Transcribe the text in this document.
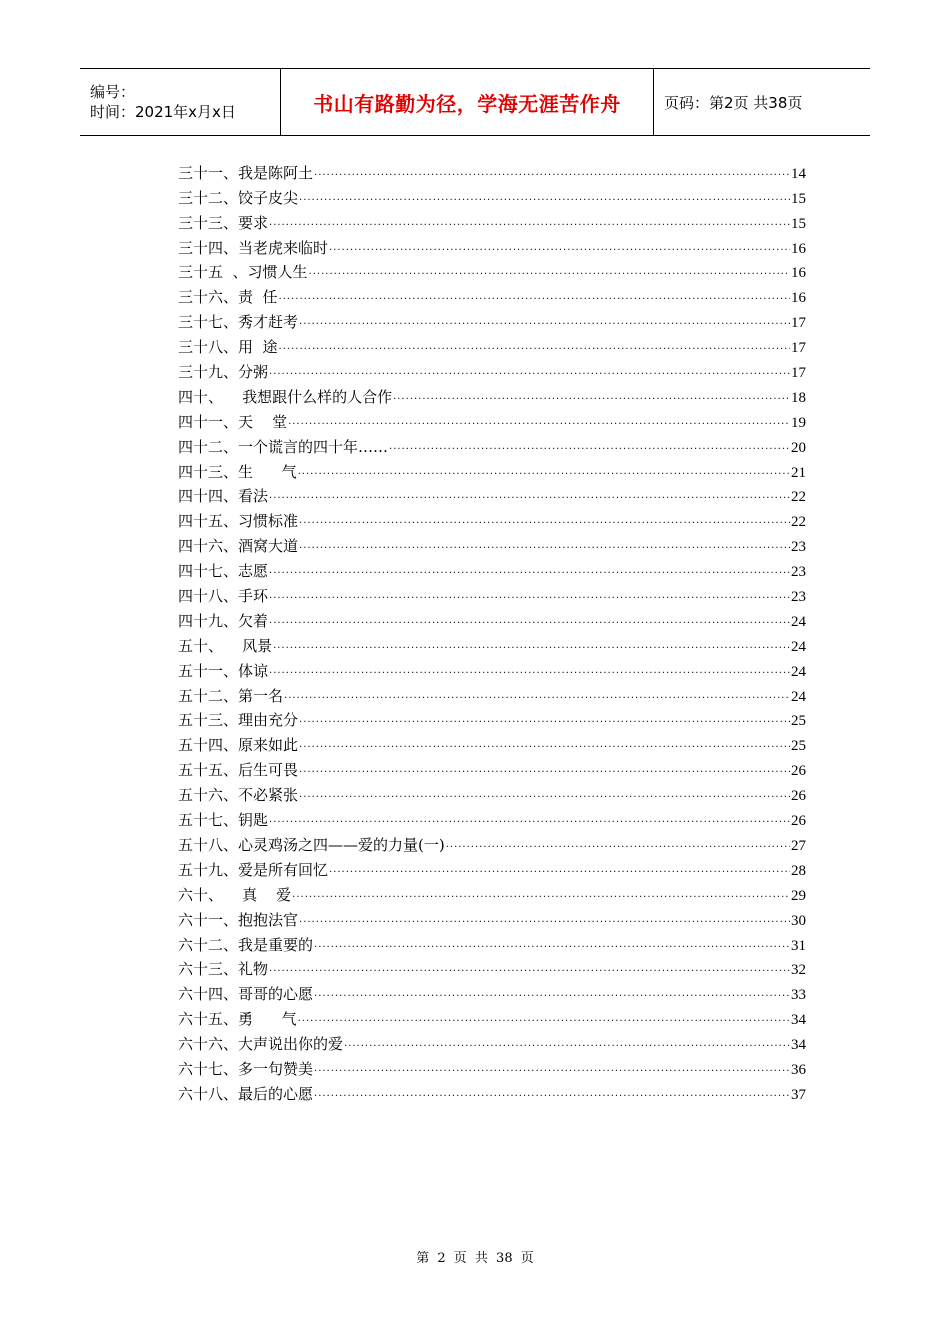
编号：
时间：2021年x月x日	书山有路勤为径，学海无涯苦作舟	页码：第2页 共38页
三十一、我是陈阿土 .....	14
三十二、饺子皮尖 .....	15
三十三、要求 .....	15
三十四、当老虎来临时 .....	16
三十五  、习惯人生 .....	16
三十六、责  任 .....	16
三十七、秀才赶考 .....	17
三十八、用  途 .....	17
三十九、分粥 .....	17
四十、    我想跟什么样的人合作 .....	18
四十一、天    堂 .....	19
四十二、一个谎言的四十年…… .....	20
四十三、生      气 .....	21
四十四、看法 .....	22
四十五、习惯标准 .....	22
四十六、酒窝大道 .....	23
四十七、志愿 .....	23
四十八、手环 .....	23
四十九、欠着 .....	24
五十、    风景 .....	24
五十一、体谅 .....	24
五十二、第一名 .....	24
五十三、理由充分 .....	25
五十四、原来如此 .....	25
五十五、后生可畏 .....	26
五十六、不必紧张 .....	26
五十七、钥匙 .....	26
五十八、心灵鸡汤之四——爱的力量(一) .....	27
五十九、爱是所有回忆 .....	28
六十、    真    爱 .....	29
六十一、抱抱法官 .....	30
六十二、我是重要的 .....	31
六十三、礼物 .....	32
六十四、哥哥的心愿 .....	33
六十五、勇      气 .....	34
六十六、大声说出你的爱 .....	34
六十七、多一句赞美 .....	36
六十八、最后的心愿 .....	37
第 2 页 共 38 页
